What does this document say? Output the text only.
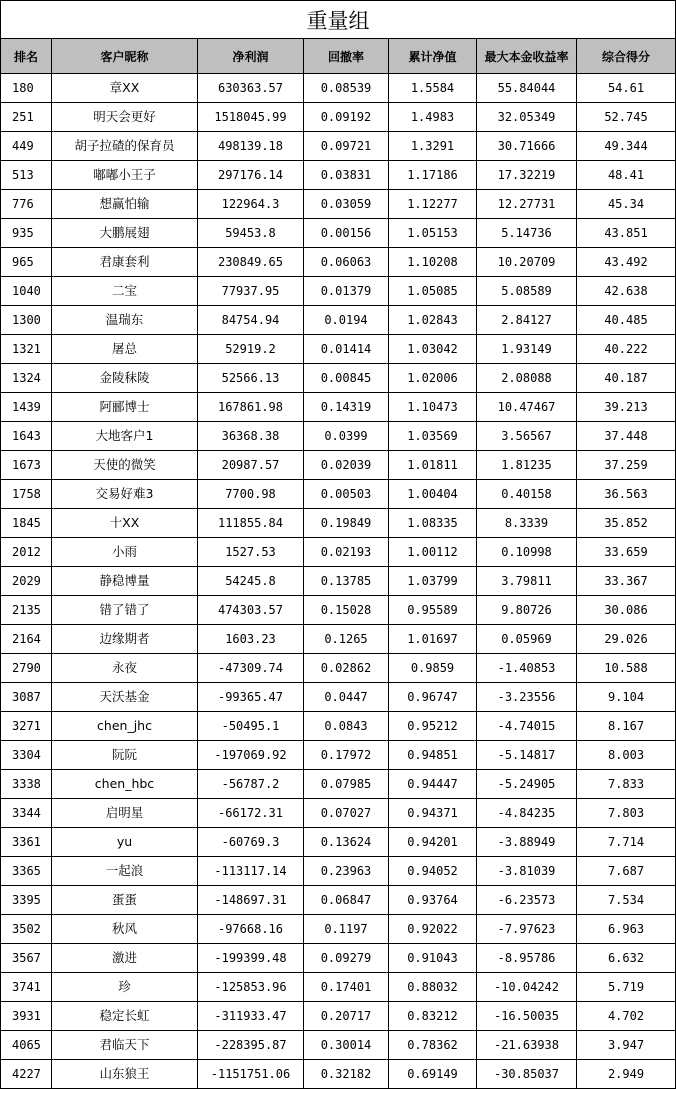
重量组						
排名	客户昵称	净利润	回撤率	累计净值	最大本金收益率	综合得分
180	章XX	630363.57	0.08539	1.5584	55.84044	54.61
251	明天会更好	1518045.99	0.09192	1.4983	32.05349	52.745
449	胡子拉碴的保育员	498139.18	0.09721	1.3291	30.71666	49.344
513	嘟嘟小王子	297176.14	0.03831	1.17186	17.32219	48.41
776	想赢怕输	122964.3	0.03059	1.12277	12.27731	45.34
935	大鹏展翅	59453.8	0.00156	1.05153	5.14736	43.851
965	君康套利	230849.65	0.06063	1.10208	10.20709	43.492
1040	二宝	77937.95	0.01379	1.05085	5.08589	42.638
1300	温瑞东	84754.94	0.0194	1.02843	2.84127	40.485
1321	屠总	52919.2	0.01414	1.03042	1.93149	40.222
1324	金陵秣陵	52566.13	0.00845	1.02006	2.08088	40.187
1439	阿郦博士	167861.98	0.14319	1.10473	10.47467	39.213
1643	大地客户1	36368.38	0.0399	1.03569	3.56567	37.448
1673	天使的微笑	20987.57	0.02039	1.01811	1.81235	37.259
1758	交易好难3	7700.98	0.00503	1.00404	0.40158	36.563
1845	十XX	111855.84	0.19849	1.08335	8.3339	35.852
2012	小雨	1527.53	0.02193	1.00112	0.10998	33.659
2029	静稳博量	54245.8	0.13785	1.03799	3.79811	33.367
2135	错了错了	474303.57	0.15028	0.95589	9.80726	30.086
2164	边缘期者	1603.23	0.1265	1.01697	0.05969	29.026
2790	永夜	-47309.74	0.02862	0.9859	-1.40853	10.588
3087	天沃基金	-99365.47	0.0447	0.96747	-3.23556	9.104
3271	chen_jhc	-50495.1	0.0843	0.95212	-4.74015	8.167
3304	阮阮	-197069.92	0.17972	0.94851	-5.14817	8.003
3338	chen_hbc	-56787.2	0.07985	0.94447	-5.24905	7.833
3344	启明星	-66172.31	0.07027	0.94371	-4.84235	7.803
3361	yu	-60769.3	0.13624	0.94201	-3.88949	7.714
3365	一起浪	-113117.14	0.23963	0.94052	-3.81039	7.687
3395	蛋蛋	-148697.31	0.06847	0.93764	-6.23573	7.534
3502	秋风	-97668.16	0.1197	0.92022	-7.97623	6.963
3567	激进	-199399.48	0.09279	0.91043	-8.95786	6.632
3741	珍	-125853.96	0.17401	0.88032	-10.04242	5.719
3931	稳定长虹	-311933.47	0.20717	0.83212	-16.50035	4.702
4065	君临天下	-228395.87	0.30014	0.78362	-21.63938	3.947
4227	山东狼王	-1151751.06	0.32182	0.69149	-30.85037	2.949
